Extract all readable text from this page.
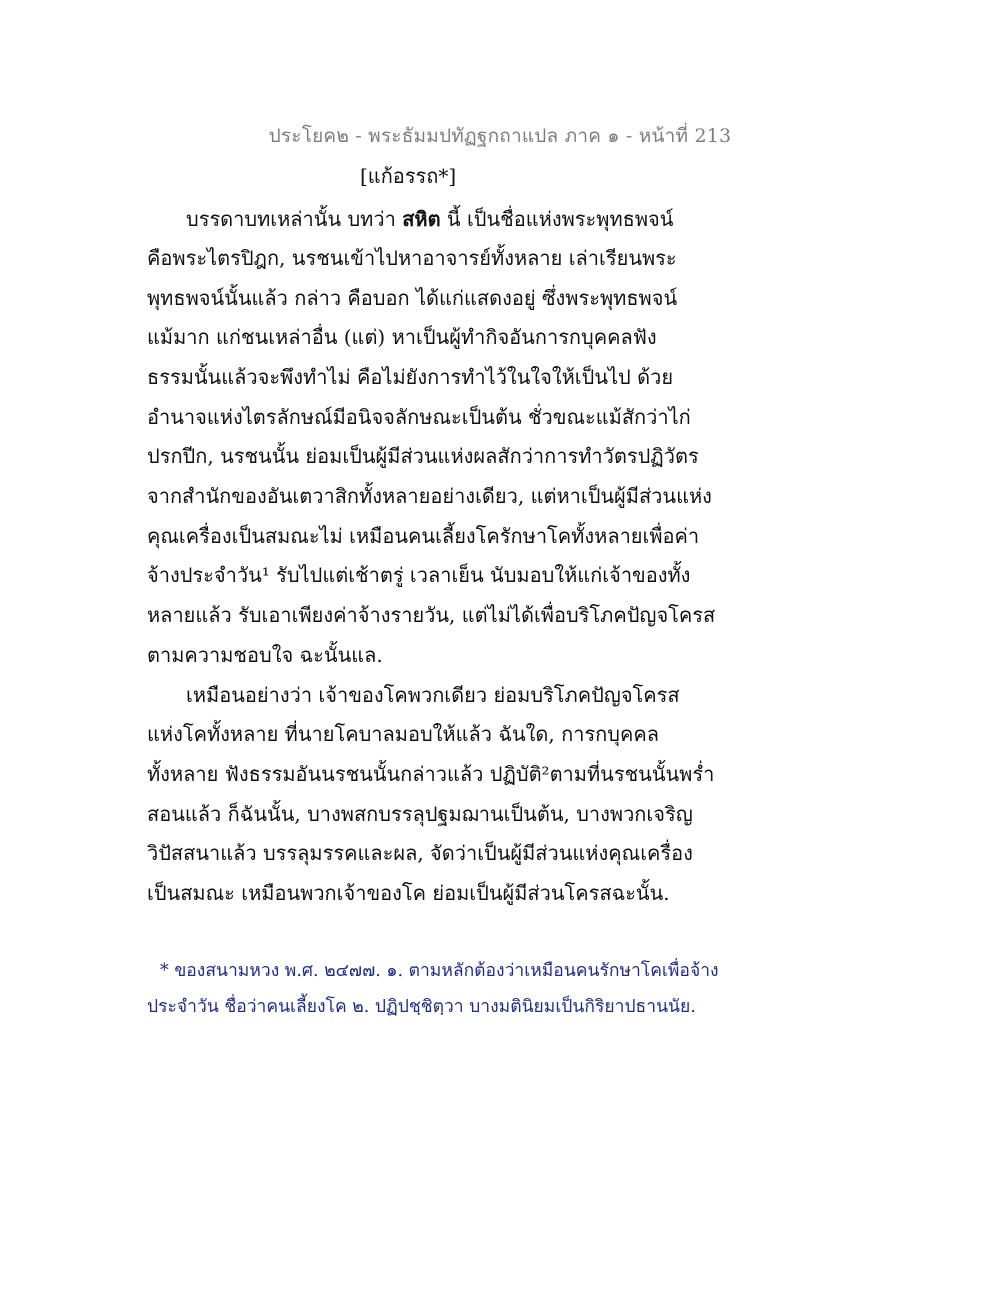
ประโยค๒ - พระธัมมปทัฏฐกถาแปล ภาค ๑ - หน้าที่ 213
[แก้อรรถ*]
บรรดาบทเหล่านั้น บทว่า สหิต นี้ เป็นชื่อแห่งพระพุทธพจน์
คือพระไตรปิฎก, นรชนเข้าไปหาอาจารย์ทั้งหลาย เล่าเรียนพระ
พุทธพจน์นั้นแล้ว กล่าว คือบอก ได้แก่แสดงอยู่ ซึ่งพระพุทธพจน์
แม้มาก แก่ชนเหล่าอื่น (แต่) หาเป็นผู้ทำกิจอันการกบุคคลฟัง
ธรรมนั้นแล้วจะพึงทำไม่ คือไม่ยังการทำไว้ในใจให้เป็นไป ด้วย
อำนาจแห่งไตรลักษณ์มีอนิจจลักษณะเป็นต้น ชั่วขณะแม้สักว่าไก่
ปรกปีก, นรชนนั้น ย่อมเป็นผู้มีส่วนแห่งผลสักว่าการทำวัตรปฏิวัตร
จากสำนักของอันเตวาสิกทั้งหลายอย่างเดียว, แต่หาเป็นผู้มีส่วนแห่ง
คุณเครื่องเป็นสมณะไม่ เหมือนคนเลี้ยงโครักษาโคทั้งหลายเพื่อค่า
จ้างประจำวัน¹ รับไปแต่เช้าตรู่ เวลาเย็น นับมอบให้แก่เจ้าของทั้ง
หลายแล้ว รับเอาเพียงค่าจ้างรายวัน, แต่ไม่ได้เพื่อบริโภคปัญจโครส
ตามความชอบใจ ฉะนั้นแล.
เหมือนอย่างว่า เจ้าของโคพวกเดียว ย่อมบริโภคปัญจโครส
แห่งโคทั้งหลาย ที่นายโคบาลมอบให้แล้ว ฉันใด, การกบุคคล
ทั้งหลาย ฟังธรรมอันนรชนนั้นกล่าวแล้ว ปฏิบัติ²ตามที่นรชนนั้นพร่ำ
สอนแล้ว ก็ฉันนั้น, บางพสกบรรลุปฐมฌานเป็นต้น, บางพวกเจริญ
วิปัสสนาแล้ว บรรลุมรรคและผล, จัดว่าเป็นผู้มีส่วนแห่งคุณเครื่อง
เป็นสมณะ เหมือนพวกเจ้าของโค ย่อมเป็นผู้มีส่วนโครสฉะนั้น.
* ของสนามหวง พ.ศ. ๒๔๗๗. ๑. ตามหลักต้องว่าเหมือนคนรักษาโคเพื่อจ้าง
ประจำวัน ชื่อว่าคนเลี้ยงโค ๒. ปฏิปชฺชิตฺวา บางมตินิยมเป็นกิริยาปธานนัย.
